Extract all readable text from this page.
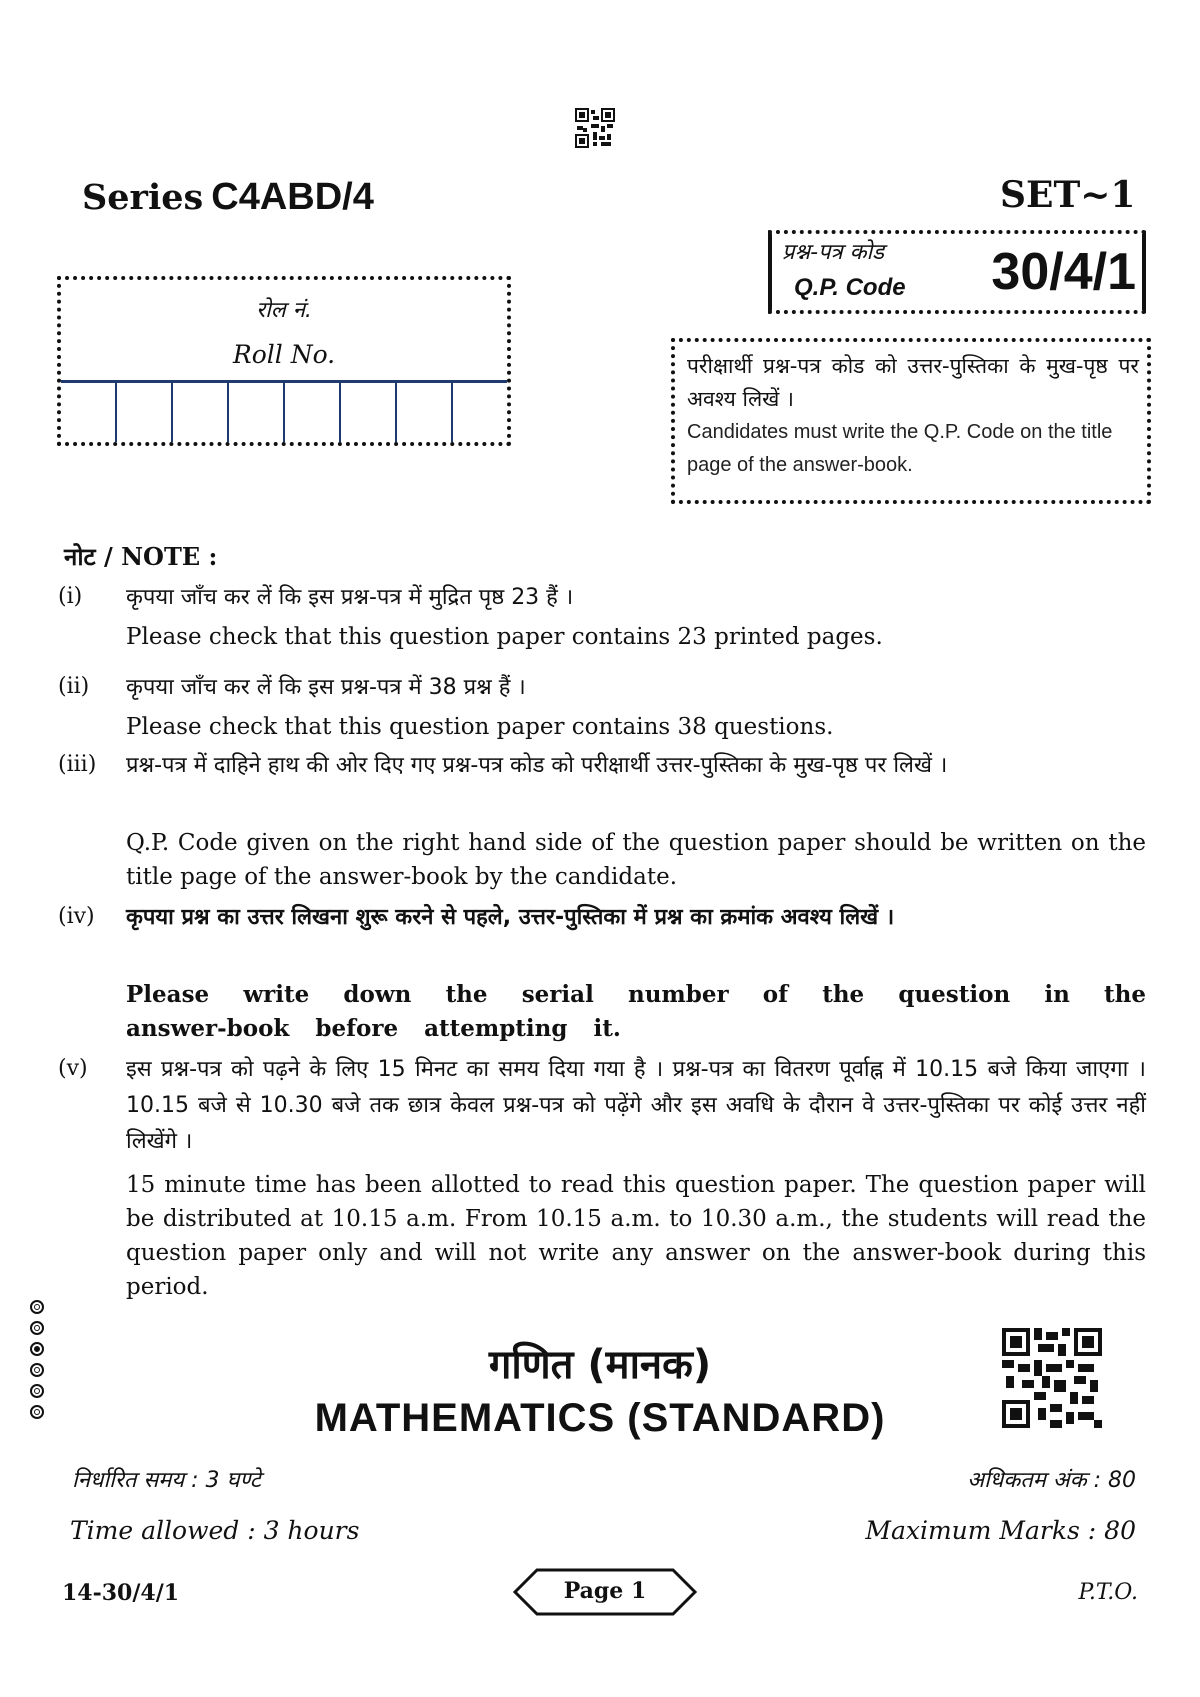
Series C4ABD/4	SET~1
प्रश्न-पत्र कोड
Q.P. Code 30/4/1
रोल नं.
Roll No.	परीक्षार्थी प्रश्न-पत्र कोड को उत्तर-पुस्तिका के मुख-पृष्ठ पर अवश्य लिखें ।
Candidates must write the Q.P. Code on the title page of the answer-book.
नोट / NOTE :
(i)	कृपया जाँच कर लें कि इस प्रश्न-पत्र में मुद्रित पृष्ठ 23 हैं ।
Please check that this question paper contains 23 printed pages.
(ii)	कृपया जाँच कर लें कि इस प्रश्न-पत्र में 38 प्रश्न हैं ।
Please check that this question paper contains 38 questions.
(iii)	प्रश्न-पत्र में दाहिने हाथ की ओर दिए गए प्रश्न-पत्र कोड को परीक्षार्थी उत्तर-पुस्तिका के मुख-पृष्ठ पर लिखें ।
Q.P. Code given on the right hand side of the question paper should be written on the title page of the answer-book by the candidate.
(iv)	कृपया प्रश्न का उत्तर लिखना शुरू करने से पहले, उत्तर-पुस्तिका में प्रश्न का क्रमांक अवश्य लिखें ।
Please write down the serial number of the question in the answer-book before attempting it.
(v)	इस प्रश्न-पत्र को पढ़ने के लिए 15 मिनट का समय दिया गया है । प्रश्न-पत्र का वितरण पूर्वाह्न में 10.15 बजे किया जाएगा । 10.15 बजे से 10.30 बजे तक छात्र केवल प्रश्न-पत्र को पढ़ेंगे और इस अवधि के दौरान वे उत्तर-पुस्तिका पर कोई उत्तर नहीं लिखेंगे ।
15 minute time has been allotted to read this question paper. The question paper will be distributed at 10.15 a.m. From 10.15 a.m. to 10.30 a.m., the students will read the question paper only and will not write any answer on the answer-book during this period.
गणित (मानक)
MATHEMATICS (STANDARD)
निर्धारित समय : 3 घण्टे
Time allowed : 3 hours
अधिकतम अंक : 80
Maximum Marks : 80
14-30/4/1	Page 1	P.T.O.
